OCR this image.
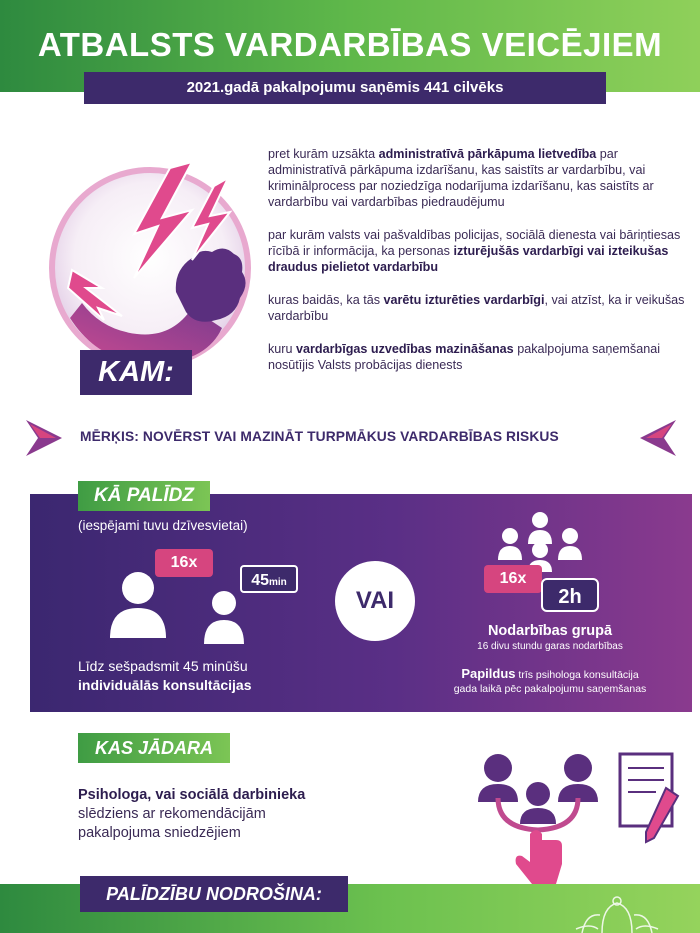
ATBALSTS VARDARBĪBAS VEICĒJIEM
2021.gadā pakalpojumu saņēmis 441 cilvēks
KAM:

pret kurām uzsākta administratīvā pārkāpuma lietvedība par administratīvā pārkāpuma izdarīšanu, kas saistīts ar vardarbību, vai kriminālprocess par noziedzīga nodarījuma izdarīšanu, kas saistīts ar vardarbību vai vardarbības piedraudējumu

par kurām valsts vai pašvaldības policijas, sociālā dienesta vai bāriņtiesas rīcībā ir informācija, ka personas izturējušās vardarbīgi vai izteikušas draudus pielietot vardarbību

kuras baidās, ka tās varētu izturēties vardarbīgi, vai atzīst, ka ir veikušas vardarbību

kuru vardarbīgas uzvedības mazināšanas pakalpojuma saņemšanai nosūtījis Valsts probācijas dienests

MĒRĶIS: NOVĒRST VAI MAZINĀT TURPMĀKUS VARDARBĪBAS RISKUS
KĀ PALĪDZ
(iespējami tuvu dzīvesvietai)
16x
45min
VAI
16x
2h
Līdz sešpadsmit 45 minūšu
individuālās konsultācijas
Nodarbības grupā
16 divu stundu garas nodarbības
Papildus trīs psihologa konsultācija
gada laikā pēc pakalpojumu saņemšanas
KAS JĀDARA
Psihologa, vai sociālā darbinieka
slēdziens ar rekomendācijām
pakalpojuma sniedzējiem
PALĪDZĪBU NODROŠINA:
